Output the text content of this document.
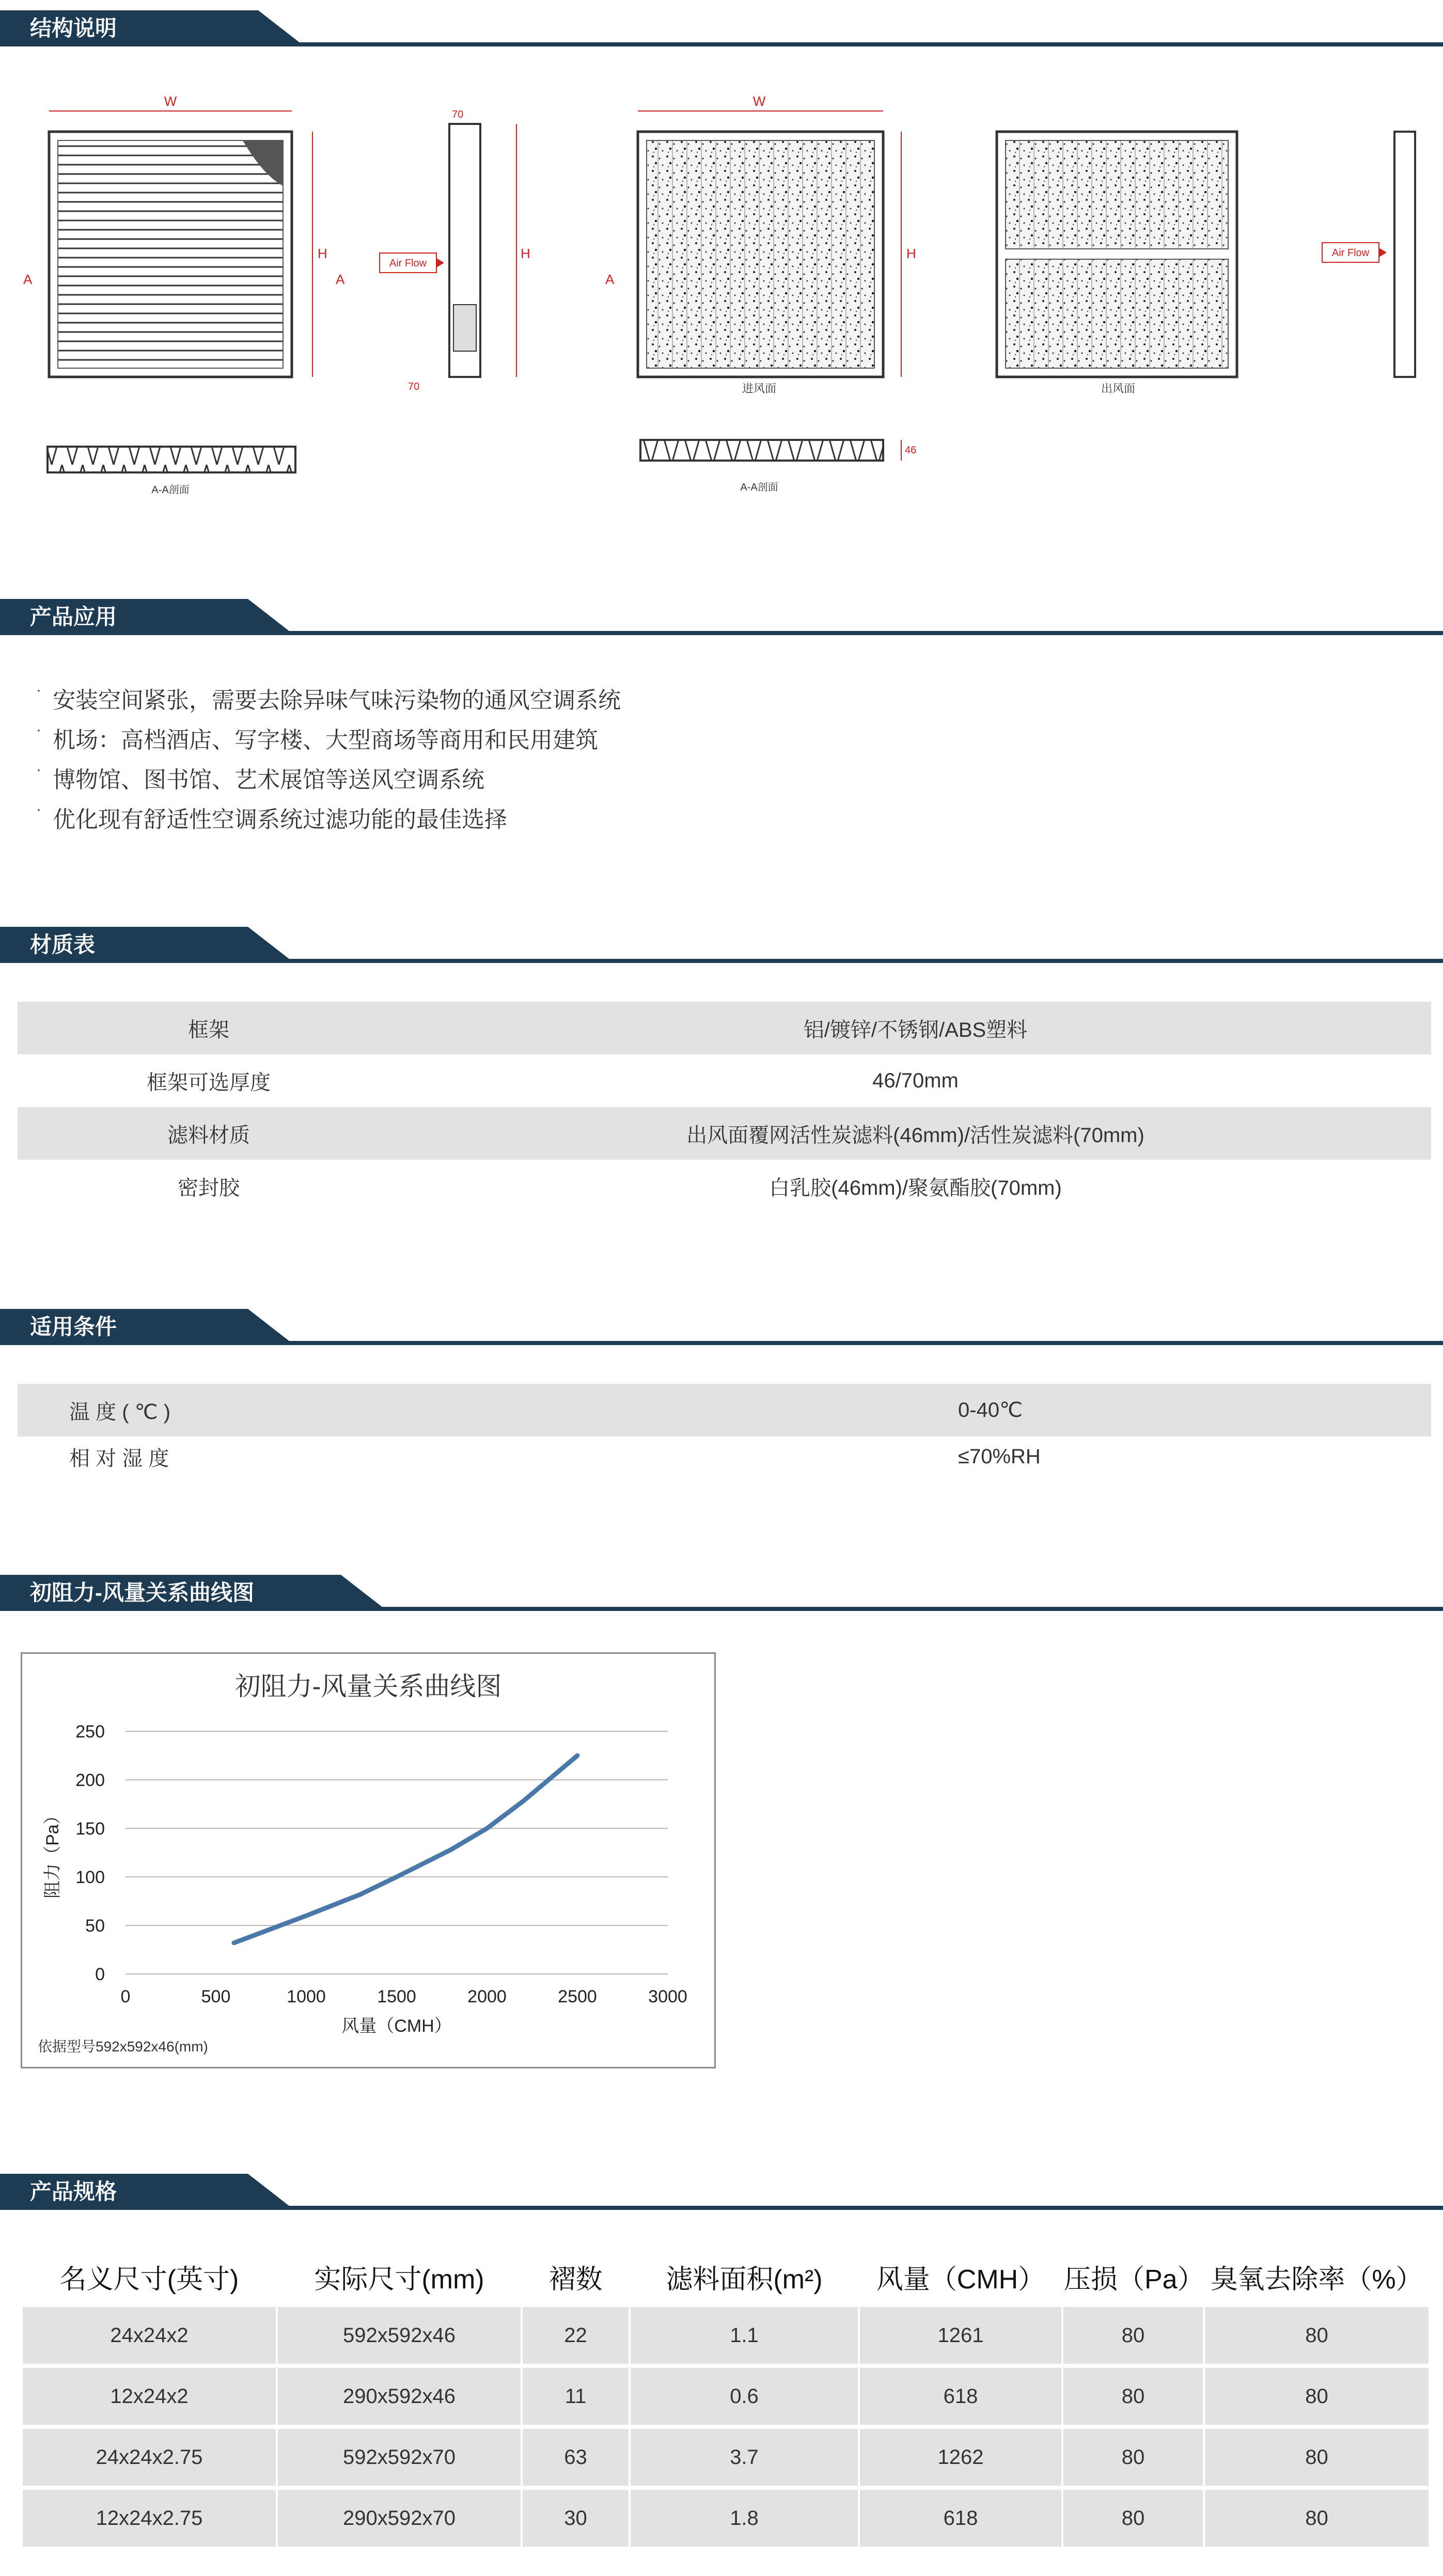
结构说明
W
H
A	A
70
H
70
Air Flow
A-A剖面
W
H
A
进风面
46
A-A剖面
出风面
Air Flow
产品应用
· 安装空间紧张，需要去除异味气味污染物的通风空调系统
· 机场：高档酒店、写字楼、大型商场等商用和民用建筑
· 博物馆、图书馆、艺术展馆等送风空调系统
· 优化现有舒适性空调系统过滤功能的最佳选择
材质表
框架	铝/镀锌/不锈钢/ABS塑料
框架可选厚度	46/70mm
滤料材质	出风面覆网活性炭滤料(46mm)/活性炭滤料(70mm)
密封胶	白乳胶(46mm)/聚氨酯胶(70mm)
适用条件
温 度 ( ℃ )	0-40℃
相 对 湿 度	≤70%RH
初阻力-风量关系曲线图
初阻力-风量关系曲线图
0
50
100
150
200
250
0	500	1000	1500	2000	2500	3000
风量（CMH）
阻力（Pa）
依据型号592x592x46(mm)
产品规格
名义尺寸(英寸)	实际尺寸(mm)	褶数	滤料面积(m²)	风量（CMH）	压损（Pa）	臭氧去除率（%）
24x24x2	592x592x46	22	1.1	1261	80	80
12x24x2	290x592x46	11	0.6	618	80	80
24x24x2.75	592x592x70	63	3.7	1262	80	80
12x24x2.75	290x592x70	30	1.8	618	80	80
